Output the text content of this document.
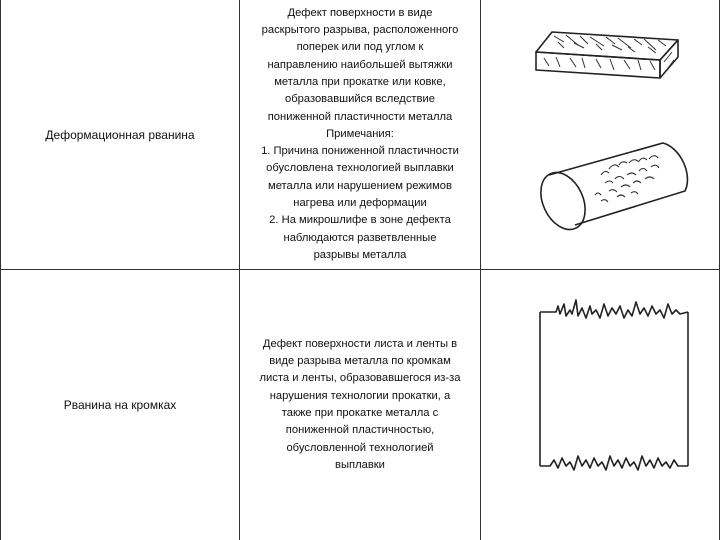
Деформационная рванина
Дефект поверхности в виде
раскрытого разрыва, расположенного
поперек или под углом к
направлению наибольшей вытяжки
металла при прокатке или ковке,
образовавшийся вследствие
пониженной пластичности металла
Примечания:
1. Причина пониженной пластичности
обусловлена технологией выплавки
металла или нарушением режимов
нагрева или деформации
2. На микрошлифе в зоне дефекта
наблюдаются разветвленные
разрывы металла
Рванина на кромках
Дефект поверхности листа и ленты в
виде разрыва металла по кромкам
листа и ленты, образовавшегося из-за
нарушения технологии прокатки, а
также при прокатке металла с
пониженной пластичностью,
обусловленной технологией
выплавки
